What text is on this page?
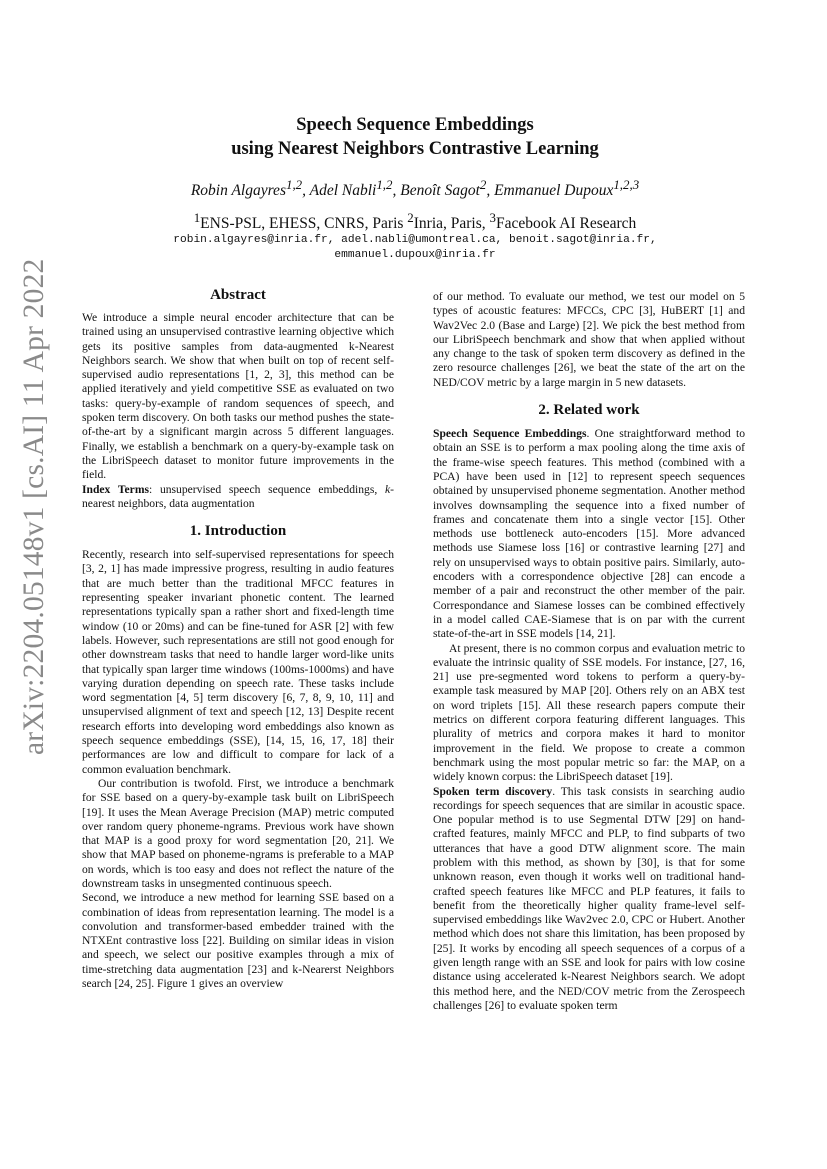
arXiv:2204.05148v1 [cs.AI] 11 Apr 2022
Speech Sequence Embeddings
using Nearest Neighbors Contrastive Learning
Robin Algayres$^{1,2}$, Adel Nabli$^{1,2}$, Benoît Sagot$^2$, Emmanuel Dupoux$^{1,2,3}$
$^1$ENS-PSL, EHESS, CNRS, Paris $^2$Inria, Paris, $^3$Facebook AI Research
robin.algayres@inria.fr, adel.nabli@umontreal.ca, benoit.sagot@inria.fr,
emmanuel.dupoux@inria.fr
Abstract

We introduce a simple neural encoder architecture that can be trained using an unsupervised contrastive learning objective which gets its positive samples from data-augmented k-Nearest Neighbors search. We show that when built on top of recent self-supervised audio representations [1, 2, 3], this method can be applied iteratively and yield competitive SSE as evaluated on two tasks: query-by-example of random sequences of speech, and spoken term discovery. On both tasks our method pushes the state-of-the-art by a significant margin across 5 different languages. Finally, we establish a benchmark on a query-by-example task on the LibriSpeech dataset to monitor future improvements in the field.

Index Terms: unsupervised speech sequence embeddings, k-nearest neighbors, data augmentation

1. Introduction

Recently, research into self-supervised representations for speech [3, 2, 1] has made impressive progress, resulting in audio features that are much better than the traditional MFCC features in representing speaker invariant phonetic content. The learned representations typically span a rather short and fixed-length time window (10 or 20ms) and can be fine-tuned for ASR [2] with few labels. However, such representations are still not good enough for other downstream tasks that need to handle larger word-like units that typically span larger time windows (100ms-1000ms) and have varying duration depending on speech rate. These tasks include word segmentation [4, 5] term discovery [6, 7, 8, 9, 10, 11] and unsupervised alignment of text and speech [12, 13] Despite recent research efforts into developing word embeddings also known as speech sequence embeddings (SSE), [14, 15, 16, 17, 18] their performances are low and difficult to compare for lack of a common evaluation benchmark.

Our contribution is twofold. First, we introduce a benchmark for SSE based on a query-by-example task built on LibriSpeech [19]. It uses the Mean Average Precision (MAP) metric computed over random query phoneme-ngrams. Previous work have shown that MAP is a good proxy for word segmentation [20, 21]. We show that MAP based on phoneme-ngrams is preferable to a MAP on words, which is too easy and does not reflect the nature of the downstream tasks in unsegmented continuous speech.

Second, we introduce a new method for learning SSE based on a combination of ideas from representation learning. The model is a convolution and transformer-based embedder trained with the NTXEnt contrastive loss [22]. Building on similar ideas in vision and speech, we select our positive examples through a mix of time-stretching data augmentation [23] and k-Nearerst Neighbors search [24, 25]. Figure 1 gives an overview

of our method. To evaluate our method, we test our model on 5 types of acoustic features: MFCCs, CPC [3], HuBERT [1] and Wav2Vec 2.0 (Base and Large) [2]. We pick the best method from our LibriSpeech benchmark and show that when applied without any change to the task of spoken term discovery as defined in the zero resource challenges [26], we beat the state of the art on the NED/COV metric by a large margin in 5 new datasets.

2. Related work

Speech Sequence Embeddings. One straightforward method to obtain an SSE is to perform a max pooling along the time axis of the frame-wise speech features. This method (combined with a PCA) have been used in [12] to represent speech sequences obtained by unsupervised phoneme segmentation. Another method involves downsampling the sequence into a fixed number of frames and concatenate them into a single vector [15]. Other methods use bottleneck auto-encoders [15]. More advanced methods use Siamese loss [16] or contrastive learning [27] and rely on unsupervised ways to obtain positive pairs. Similarly, auto-encoders with a correspondence objective [28] can encode a member of a pair and reconstruct the other member of the pair. Correspondance and Siamese losses can be combined effectively in a model called CAE-Siamese that is on par with the current state-of-the-art in SSE models [14, 21].

At present, there is no common corpus and evaluation metric to evaluate the intrinsic quality of SSE models. For instance, [27, 16, 21] use pre-segmented word tokens to perform a query-by-example task measured by MAP [20]. Others rely on an ABX test on word triplets [15]. All these research papers compute their metrics on different corpora featuring different languages. This plurality of metrics and corpora makes it hard to monitor improvement in the field. We propose to create a common benchmark using the most popular metric so far: the MAP, on a widely known corpus: the LibriSpeech dataset [19].

Spoken term discovery. This task consists in searching audio recordings for speech sequences that are similar in acoustic space. One popular method is to use Segmental DTW [29] on hand-crafted features, mainly MFCC and PLP, to find subparts of two utterances that have a good DTW alignment score. The main problem with this method, as shown by [30], is that for some unknown reason, even though it works well on traditional hand-crafted speech features like MFCC and PLP features, it fails to benefit from the theoretically higher quality frame-level self-supervised embeddings like Wav2vec 2.0, CPC or Hubert. Another method which does not share this limitation, has been proposed by [25]. It works by encoding all speech sequences of a corpus of a given length range with an SSE and look for pairs with low cosine distance using accelerated k-Nearest Neighbors search. We adopt this method here, and the NED/COV metric from the Zerospeech challenges [26] to evaluate spoken term
